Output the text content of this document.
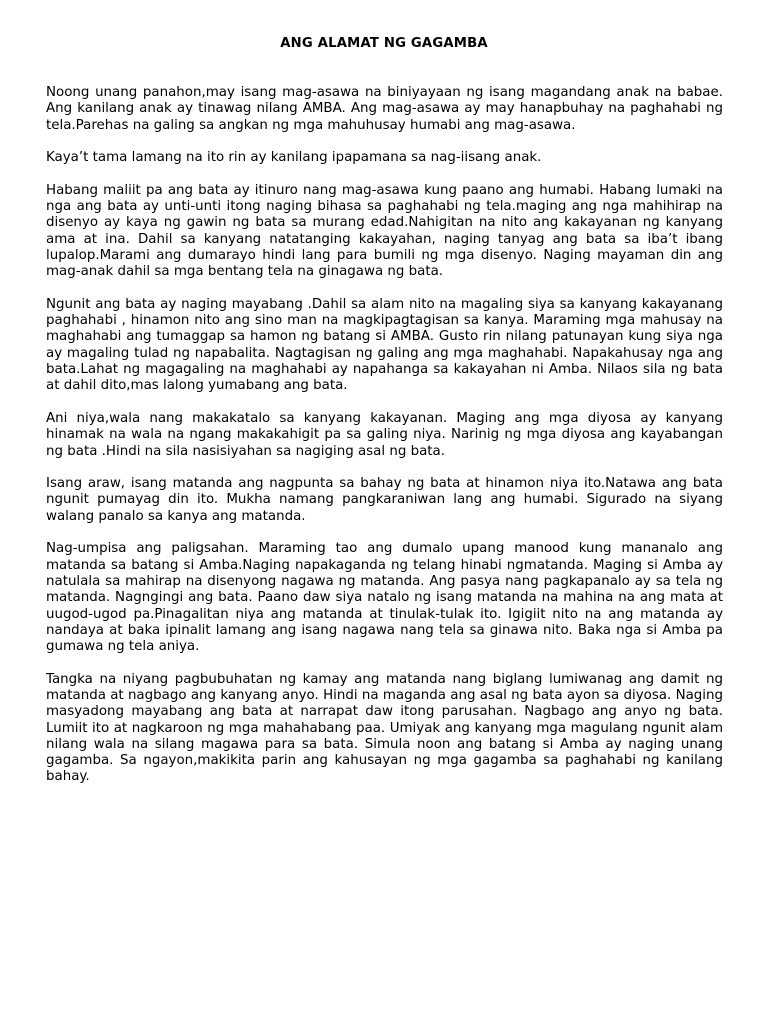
ANG ALAMAT NG GAGAMBA

Noong unang panahon,may isang mag-asawa na biniyayaan ng isang magandang anak na babae. Ang kanilang anak ay tinawag nilang AMBA. Ang mag-asawa ay may hanapbuhay na paghahabi ng tela.Parehas na galing sa angkan ng mga mahuhusay humabi ang mag-asawa.

Kaya’t tama lamang na ito rin ay kanilang ipapamana sa nag-iisang anak.

Habang maliit pa ang bata ay itinuro nang mag-asawa kung paano ang humabi. Habang lumaki na nga ang bata ay unti-unti itong naging bihasa sa paghahabi ng tela.maging ang nga mahihirap na disenyo ay kaya ng gawin ng bata sa murang edad.Nahigitan na nito ang kakayanan ng kanyang ama at ina. Dahil sa kanyang natatanging kakayahan, naging tanyag ang bata sa iba’t ibang lupalop.Marami ang dumarayo hindi lang para bumili ng mga disenyo. Naging mayaman din ang mag-anak dahil sa mga bentang tela na ginagawa ng bata.

Ngunit ang bata ay naging mayabang .Dahil sa alam nito na magaling siya sa kanyang kakayanang paghahabi , hinamon nito ang sino man na magkipagtagisan sa kanya. Maraming mga mahusay na maghahabi ang tumaggap sa hamon ng batang si AMBA. Gusto rin nilang patunayan kung siya nga ay magaling tulad ng napabalita. Nagtagisan ng galing ang mga maghahabi. Napakahusay nga ang bata.Lahat ng magagaling na maghahabi ay napahanga sa kakayahan ni Amba. Nilaos sila ng bata at dahil dito,mas lalong yumabang ang bata.

Ani niya,wala nang makakatalo sa kanyang kakayanan. Maging ang mga diyosa ay kanyang hinamak na wala na ngang makakahigit pa sa galing niya. Narinig ng mga diyosa ang kayabangan ng bata .Hindi na sila nasisiyahan sa nagiging asal ng bata.

Isang araw, isang matanda ang nagpunta sa bahay ng bata at hinamon niya ito.Natawa ang bata ngunit pumayag din ito. Mukha namang pangkaraniwan lang ang humabi. Sigurado na siyang walang panalo sa kanya ang matanda.

Nag-umpisa ang paligsahan. Maraming tao ang dumalo upang manood kung mananalo ang matanda sa batang si Amba.Naging napakaganda ng telang hinabi ngmatanda. Maging si Amba ay natulala sa mahirap na disenyong nagawa ng matanda. Ang pasya nang pagkapanalo ay sa tela ng matanda. Nagngingi ang bata. Paano daw siya natalo ng isang matanda na mahina na ang mata at uugod-ugod pa.Pinagalitan niya ang matanda at tinulak-tulak ito. Igigiit nito na ang matanda ay nandaya at baka ipinalit lamang ang isang nagawa nang tela sa ginawa nito. Baka nga si Amba pa gumawa ng tela aniya.

Tangka na niyang pagbubuhatan ng kamay ang matanda nang biglang lumiwanag ang damit ng matanda at nagbago ang kanyang anyo. Hindi na maganda ang asal ng bata ayon sa diyosa. Naging masyadong mayabang ang bata at narrapat daw itong parusahan. Nagbago ang anyo ng bata. Lumiit ito at nagkaroon ng mga mahahabang paa. Umiyak ang kanyang mga magulang ngunit alam nilang wala na silang magawa para sa bata. Simula noon ang batang si Amba ay naging unang gagamba. Sa ngayon,makikita parin ang kahusayan ng mga gagamba sa paghahabi ng kanilang bahay.
